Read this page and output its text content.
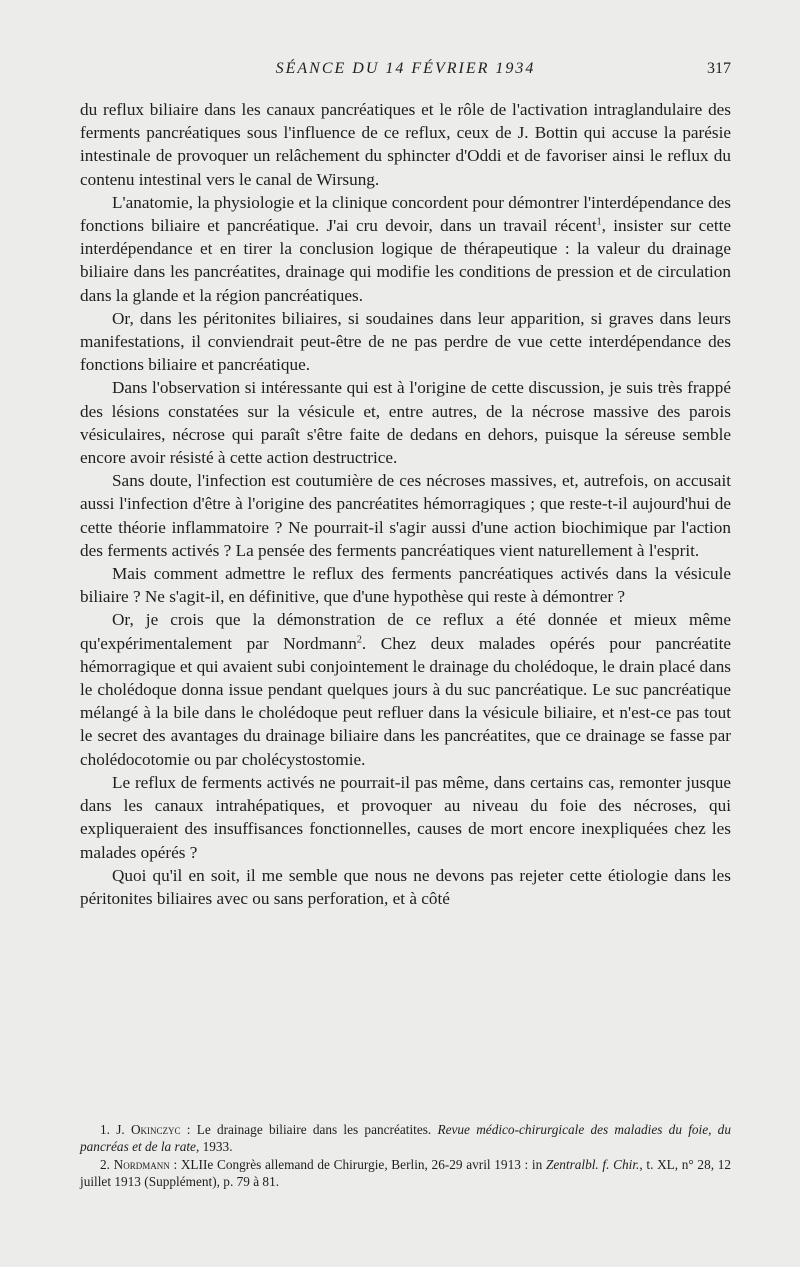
SÉANCE DU 14 FÉVRIER 1934	317

du reflux biliaire dans les canaux pancréatiques et le rôle de l'activation intraglandulaire des ferments pancréatiques sous l'influence de ce reflux, ceux de J. Bottin qui accuse la parésie intestinale de provoquer un relâchement du sphincter d'Oddi et de favoriser ainsi le reflux du contenu intestinal vers le canal de Wirsung.

L'anatomie, la physiologie et la clinique concordent pour démontrer l'interdépendance des fonctions biliaire et pancréatique. J'ai cru devoir, dans un travail récent$^1$, insister sur cette interdépendance et en tirer la conclusion logique de thérapeutique : la valeur du drainage biliaire dans les pancréatites, drainage qui modifie les conditions de pression et de circulation dans la glande et la région pancréatiques.

Or, dans les péritonites biliaires, si soudaines dans leur apparition, si graves dans leurs manifestations, il conviendrait peut-être de ne pas perdre de vue cette interdépendance des fonctions biliaire et pancréatique.

Dans l'observation si intéressante qui est à l'origine de cette discussion, je suis très frappé des lésions constatées sur la vésicule et, entre autres, de la nécrose massive des parois vésiculaires, nécrose qui paraît s'être faite de dedans en dehors, puisque la séreuse semble encore avoir résisté à cette action destructrice.

Sans doute, l'infection est coutumière de ces nécroses massives, et, autrefois, on accusait aussi l'infection d'être à l'origine des pancréatites hémorragiques ; que reste-t-il aujourd'hui de cette théorie inflammatoire ? Ne pourrait-il s'agir aussi d'une action biochimique par l'action des ferments activés ? La pensée des ferments pancréatiques vient naturellement à l'esprit.

Mais comment admettre le reflux des ferments pancréatiques activés dans la vésicule biliaire ? Ne s'agit-il, en définitive, que d'une hypothèse qui reste à démontrer ?

Or, je crois que la démonstration de ce reflux a été donnée et mieux même qu'expérimentalement par Nordmann$^2$. Chez deux malades opérés pour pancréatite hémorragique et qui avaient subi conjointement le drainage du cholédoque, le drain placé dans le cholédoque donna issue pendant quelques jours à du suc pancréatique. Le suc pancréatique mélangé à la bile dans le cholédoque peut refluer dans la vésicule biliaire, et n'est-ce pas tout le secret des avantages du drainage biliaire dans les pancréatites, que ce drainage se fasse par cholédocotomie ou par cholécystostomie.

Le reflux de ferments activés ne pourrait-il pas même, dans certains cas, remonter jusque dans les canaux intrahépatiques, et provoquer au niveau du foie des nécroses, qui expliqueraient des insuffisances fonctionnelles, causes de mort encore inexpliquées chez les malades opérés ?

Quoi qu'il en soit, il me semble que nous ne devons pas rejeter cette étiologie dans les péritonites biliaires avec ou sans perforation, et à côté

1. J. Okinczyc : Le drainage biliaire dans les pancréatites. Revue médico-chirurgicale des maladies du foie, du pancréas et de la rate, 1933.

2. Nordmann : XLIIe Congrès allemand de Chirurgie, Berlin, 26-29 avril 1913 : in Zentralbl. f. Chir., t. XL, n° 28, 12 juillet 1913 (Supplément), p. 79 à 81.
